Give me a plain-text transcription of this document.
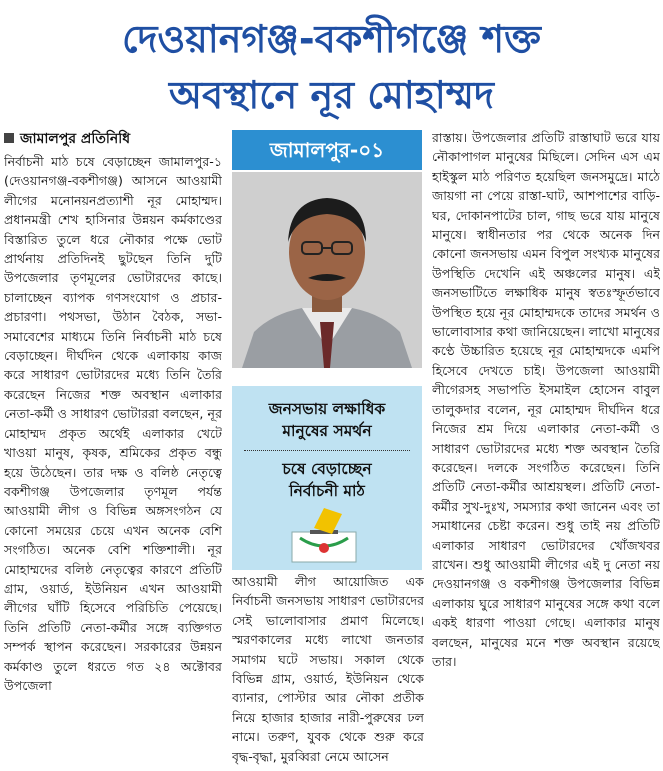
দেওয়ানগঞ্জ-বকশীগঞ্জে শক্ত
অবস্থানে নূর মোহাম্মদ
জামালপুর প্রতিনিধি

নির্বাচনী মাঠ চষে বেড়াচ্ছেন জামালপুর-১ (দেওয়ানগঞ্জ-বকশীগঞ্জ) আসনে আওয়ামী লীগের মনোনয়নপ্রত্যাশী নূর মোহাম্মদ। প্রধানমন্ত্রী শেখ হাসিনার উন্নয়ন কর্মকাণ্ডের বিস্তারিত তুলে ধরে নৌকার পক্ষে ভোট প্রার্থনায় প্রতিদিনই ছুটছেন তিনি দুটি উপজেলার তৃণমূলের ভোটারদের কাছে। চালাচ্ছেন ব্যাপক গণসংযোগ ও প্রচার-প্রচারণা। পথসভা, উঠান বৈঠক, সভা-সমাবেশের মাধ্যমে তিনি নির্বাচনী মাঠ চষে বেড়াচ্ছেন। দীর্ঘদিন থেকে এলাকায় কাজ করে সাধারণ ভোটারদের মধ্যে তিনি তৈরি করেছেন নিজের শক্ত অবস্থান এলাকার নেতা-কর্মী ও সাধারণ ভোটাররা বলছেন, নূর মোহাম্মদ প্রকৃত অর্থেই এলাকার খেটে খাওয়া মানুষ, কৃষক, শ্রমিকের প্রকৃত বন্ধু হয়ে উঠেছেন। তার দক্ষ ও বলিষ্ঠ নেতৃত্বে বকশীগঞ্জ উপজেলার তৃণমূল পর্যন্ত আওয়ামী লীগ ও বিভিন্ন অঙ্গসংগঠন যে কোনো সময়ের চেয়ে এখন অনেক বেশি সংগঠিত। অনেক বেশি শক্তিশালী। নূর মোহাম্মদের বলিষ্ঠ নেতৃত্বের কারণে প্রতিটি গ্রাম, ওয়ার্ড, ইউনিয়ন এখন আওয়ামী লীগের ঘাঁটি হিসেবে পরিচিতি পেয়েছে। তিনি প্রতিটি নেতা-কর্মীর সঙ্গে ব্যক্তিগত সম্পর্ক স্থাপন করেছেন। সরকারের উন্নয়ন কর্মকাণ্ড তুলে ধরতে গত ২৪ অক্টোবর উপজেলা

জামালপুর-০১
জনসভায় লক্ষাধিক
মানুষের সমর্থন
চষে বেড়াচ্ছেন
নির্বাচনী মাঠ

আওয়ামী লীগ আয়োজিত এক নির্বাচনী জনসভায় সাধারণ ভোটারদের সেই ভালোবাসার প্রমাণ মিলেছে। স্মরণকালের মধ্যে লাখো জনতার সমাগম ঘটে সভায়। সকাল থেকে বিভিন্ন গ্রাম, ওয়ার্ড, ইউনিয়ন থেকে ব্যানার, পোস্টার আর নৌকা প্রতীক নিয়ে হাজার হাজার নারী-পুরুষের ঢল নামে। তরুণ, যুবক থেকে শুরু করে বৃদ্ধ-বৃদ্ধা, মুরব্বিরা নেমে আসেন

রাস্তায়। উপজেলার প্রতিটি রাস্তাঘাট ভরে যায় নৌকাপাগল মানুষের মিছিলে। সেদিন এস এম হাইস্কুল মাঠ পরিণত হয়েছিল জনসমুদ্রে। মাঠে জায়গা না পেয়ে রাস্তা-ঘাট, আশপাশের বাড়ি-ঘর, দোকানপাটের চাল, গাছ ভরে যায় মানুষে মানুষে। স্বাধীনতার পর থেকে অনেক দিন কোনো জনসভায় এমন বিপুল সংখ্যক মানুষের উপস্থিতি দেখেনি এই অঞ্চলের মানুষ। এই জনসভাটিতে লক্ষাধিক মানুষ স্বতঃস্ফূর্তভাবে উপস্থিত হয়ে নূর মোহাম্মদকে তাদের সমর্থন ও ভালোবাসার কথা জানিয়েছেন। লাখো মানুষের কণ্ঠে উচ্চারিত হয়েছে নূর মোহাম্মদকে এমপি হিসেবে দেখতে চাই। উপজেলা আওয়ামী লীগেরসহ সভাপতি ইসমাইল হোসেন বাবুল তালুকদার বলেন, নূর মোহাম্মদ দীর্ঘদিন ধরে নিজের শ্রম দিয়ে এলাকার নেতা-কর্মী ও সাধারণ ভোটারদের মধ্যে শক্ত অবস্থান তৈরি করেছেন। দলকে সংগঠিত করেছেন। তিনি প্রতিটি নেতা-কর্মীর আশ্রয়স্থল। প্রতিটি নেতা-কর্মীর সুখ-দুঃখ, সমস্যার কথা জানেন এবং তা সমাধানের চেষ্টা করেন। শুধু তাই নয় প্রতিটি এলাকার সাধারণ ভোটারদের খোঁজখবর রাখেন। শুধু আওয়ামী লীগের এই দু নেতা নয় দেওয়ানগঞ্জ ও বকশীগঞ্জ উপজেলার বিভিন্ন এলাকায় ঘুরে সাধারণ মানুষের সঙ্গে কথা বলে একই ধারণা পাওয়া গেছে। এলাকার মানুষ বলছেন, মানুষের মনে শক্ত অবস্থান রয়েছে তার।
